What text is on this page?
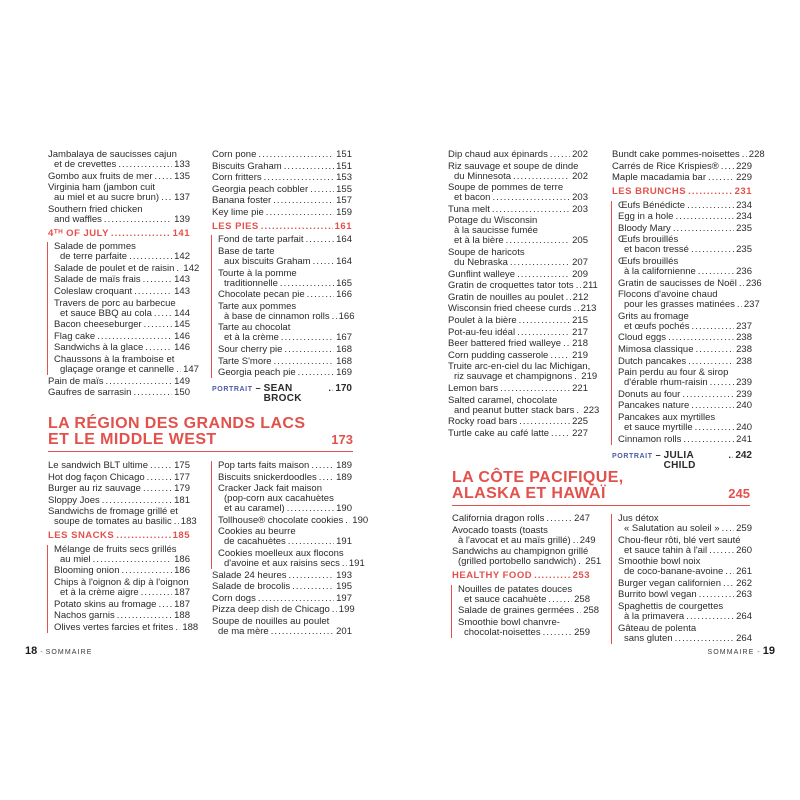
Jambalaya de saucisses cajun
et de crevettes .....	133
Gombo aux fruits de mer ..... 135
Virginia ham (jambon cuit
au miel et au sucre brun) ..... 137
Southern fried chicken
and waffles .....	139
4ᵀᴴ OF JULY .....	141
Salade de pommes
de terre parfaite .....	142
Salade de poulet et de raisin ..... 142
Salade de maïs frais .....	143
Coleslaw croquant .....	143
Travers de porc au barbecue
et sauce BBQ au cola ..... 144
Bacon cheeseburger .....	145
Flag cake .....	146
Sandwichs à la glace .....	146
Chaussons à la framboise et
glaçage orange et cannelle ..... 147
Pain de maïs .....	149
Gaufres de sarrasin .....	150
Corn pone .....	151
Biscuits Graham .....	151
Corn fritters .....	153
Georgia peach cobbler .....	155
Banana foster .....	157
Key lime pie .....	159
LES PIES .....	161
Fond de tarte parfait .....	164
Base de tarte
aux biscuits Graham .....	164
Tourte à la pomme
traditionnelle .....	165
Chocolate pecan pie .....	166
Tarte aux pommes
à base de cinnamon rolls ..... 166
Tarte au chocolat
et à la crème .....	167
Sour cherry pie .....	168
Tarte S'more .....	168
Georgia peach pie .....	169
PORTRAIT – SEAN BROCK
.....
170
LA RÉGION DES GRANDS LACS
ET LE MIDDLE WEST	173
Le sandwich BLT ultime .....	175
Hot dog façon Chicago .....	177
Burger au riz sauvage .....	179
Sloppy Joes .....	181
Sandwichs de fromage grillé et
soupe de tomates au basilic ..... 183
LES SNACKS .....	185
Mélange de fruits secs grillés
au miel .....	186
Blooming onion .....	186
Chips à l'oignon & dip à l'oignon
et à la crème aigre .....	187
Potato skins au fromage ..... 187
Nachos garnis .....	188
Olives vertes farcies et frites ..... 188
Pop tarts faits maison .....	189
Biscuits snickerdoodles ..... 189
Cracker Jack fait maison
(pop-corn aux cacahuètes
et au caramel) .....	190
Tollhouse® chocolate cookies ..... 190
Cookies au beurre
de cacahuètes .....	191
Cookies moelleux aux flocons
d'avoine et aux raisins secs ..... 191
Salade 24 heures .....	193
Salade de brocolis .....	195
Corn dogs .....	197
Pizza deep dish de Chicago ..... 199
Soupe de nouilles au poulet
de ma mère .....	201
18 - SOMMAIRE
Dip chaud aux épinards .....	202
Riz sauvage et soupe de dinde
du Minnesota .....	202
Soupe de pommes de terre
et bacon .....	203
Tuna melt .....	203
Potage du Wisconsin
à la saucisse fumée
et à la bière .....	205
Soupe de haricots
du Nebraska .....	207
Gunflint walleye .....	209
Gratin de croquettes tator tots ..... 211
Gratin de nouilles au poulet ..... 212
Wisconsin fried cheese curds ..... 213
Poulet à la bière .....	215
Pot-au-feu idéal .....	217
Beer battered fried walleye ..... 218
Corn pudding casserole .....	219
Truite arc-en-ciel du lac Michigan,
riz sauvage et champignons ..... 219
Lemon bars .....	221
Salted caramel, chocolate
and peanut butter stack bars ..... 223
Rocky road bars .....	225
Turtle cake au café latte ..... 227
Bundt cake pommes-noisettes ..... 228
Carrés de Rice Krispies® ..... 229
Maple macadamia bar .....	229
LES BRUNCHS .....	231
Œufs Bénédicte .....	234
Egg in a hole .....	234
Bloody Mary .....	235
Œufs brouillés
et bacon tressé .....	235
Œufs brouillés
à la californienne .....	236
Gratin de saucisses de Noël ..... 236
Flocons d'avoine chaud
pour les grasses matinées ..... 237
Grits au fromage
et œufs pochés .....	237
Cloud eggs .....	238
Mimosa classique .....	238
Dutch pancakes .....	238
Pain perdu au four & sirop
d'érable rhum-raisin .....	239
Donuts au four .....	239
Pancakes nature .....	240
Pancakes aux myrtilles
et sauce myrtille .....	240
Cinnamon rolls .....	241
PORTRAIT – JULIA CHILD
.....
242
LA CÔTE PACIFIQUE,
ALASKA ET HAWAÏ	245
California dragon rolls .....	247
Avocado toasts (toasts
à l'avocat et au maïs grillé) ..... 249
Sandwichs au champignon grillé
(grilled portobello sandwich) ..... 251
HEALTHY FOOD .....	253
Nouilles de patates douces
et sauce cacahuète .....	258
Salade de graines germées ..... 258
Smoothie bowl chanvre-
chocolat-noisettes .....	259
Jus détox
« Salutation au soleil » ..... 259
Chou-fleur rôti, blé vert sauté
et sauce tahin à l'ail .....	260
Smoothie bowl noix
de coco-banane-avoine ..... 261
Burger vegan californien ..... 262
Burrito bowl vegan .....	263
Spaghettis de courgettes
à la primavera .....	264
Gâteau de polenta
sans gluten .....	264
SOMMAIRE - 19
